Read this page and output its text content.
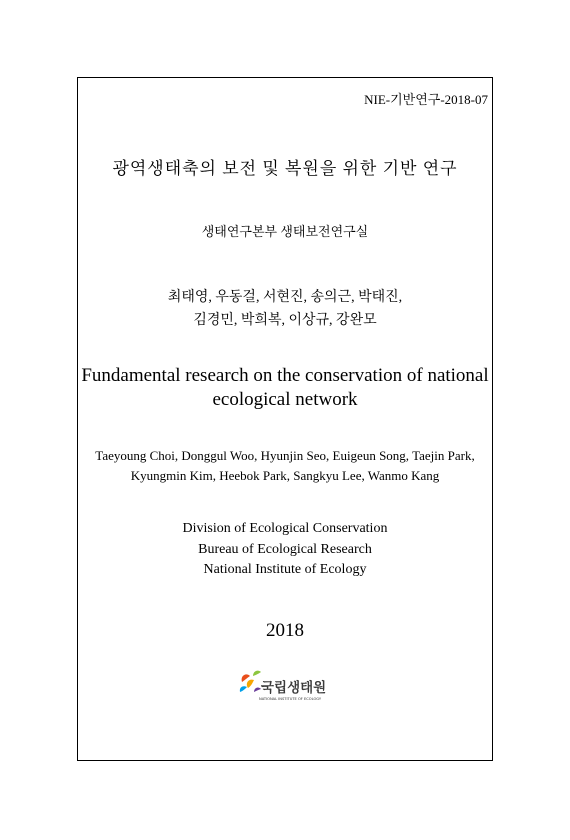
NIE-기반연구-2018-07
광역생태축의 보전 및 복원을 위한 기반 연구
생태연구본부 생태보전연구실
최태영, 우동걸, 서현진, 송의근, 박태진,
김경민, 박희복, 이상규, 강완모
Fundamental research on the conservation of national
ecological network
Taeyoung Choi, Donggul Woo, Hyunjin Seo, Euigeun Song, Taejin Park,
Kyungmin Kim, Heebok Park, Sangkyu Lee, Wanmo Kang
Division of Ecological Conservation
Bureau of Ecological Research
National Institute of Ecology
2018
국립생태원
NATIONAL INSTITUTE OF ECOLOGY
